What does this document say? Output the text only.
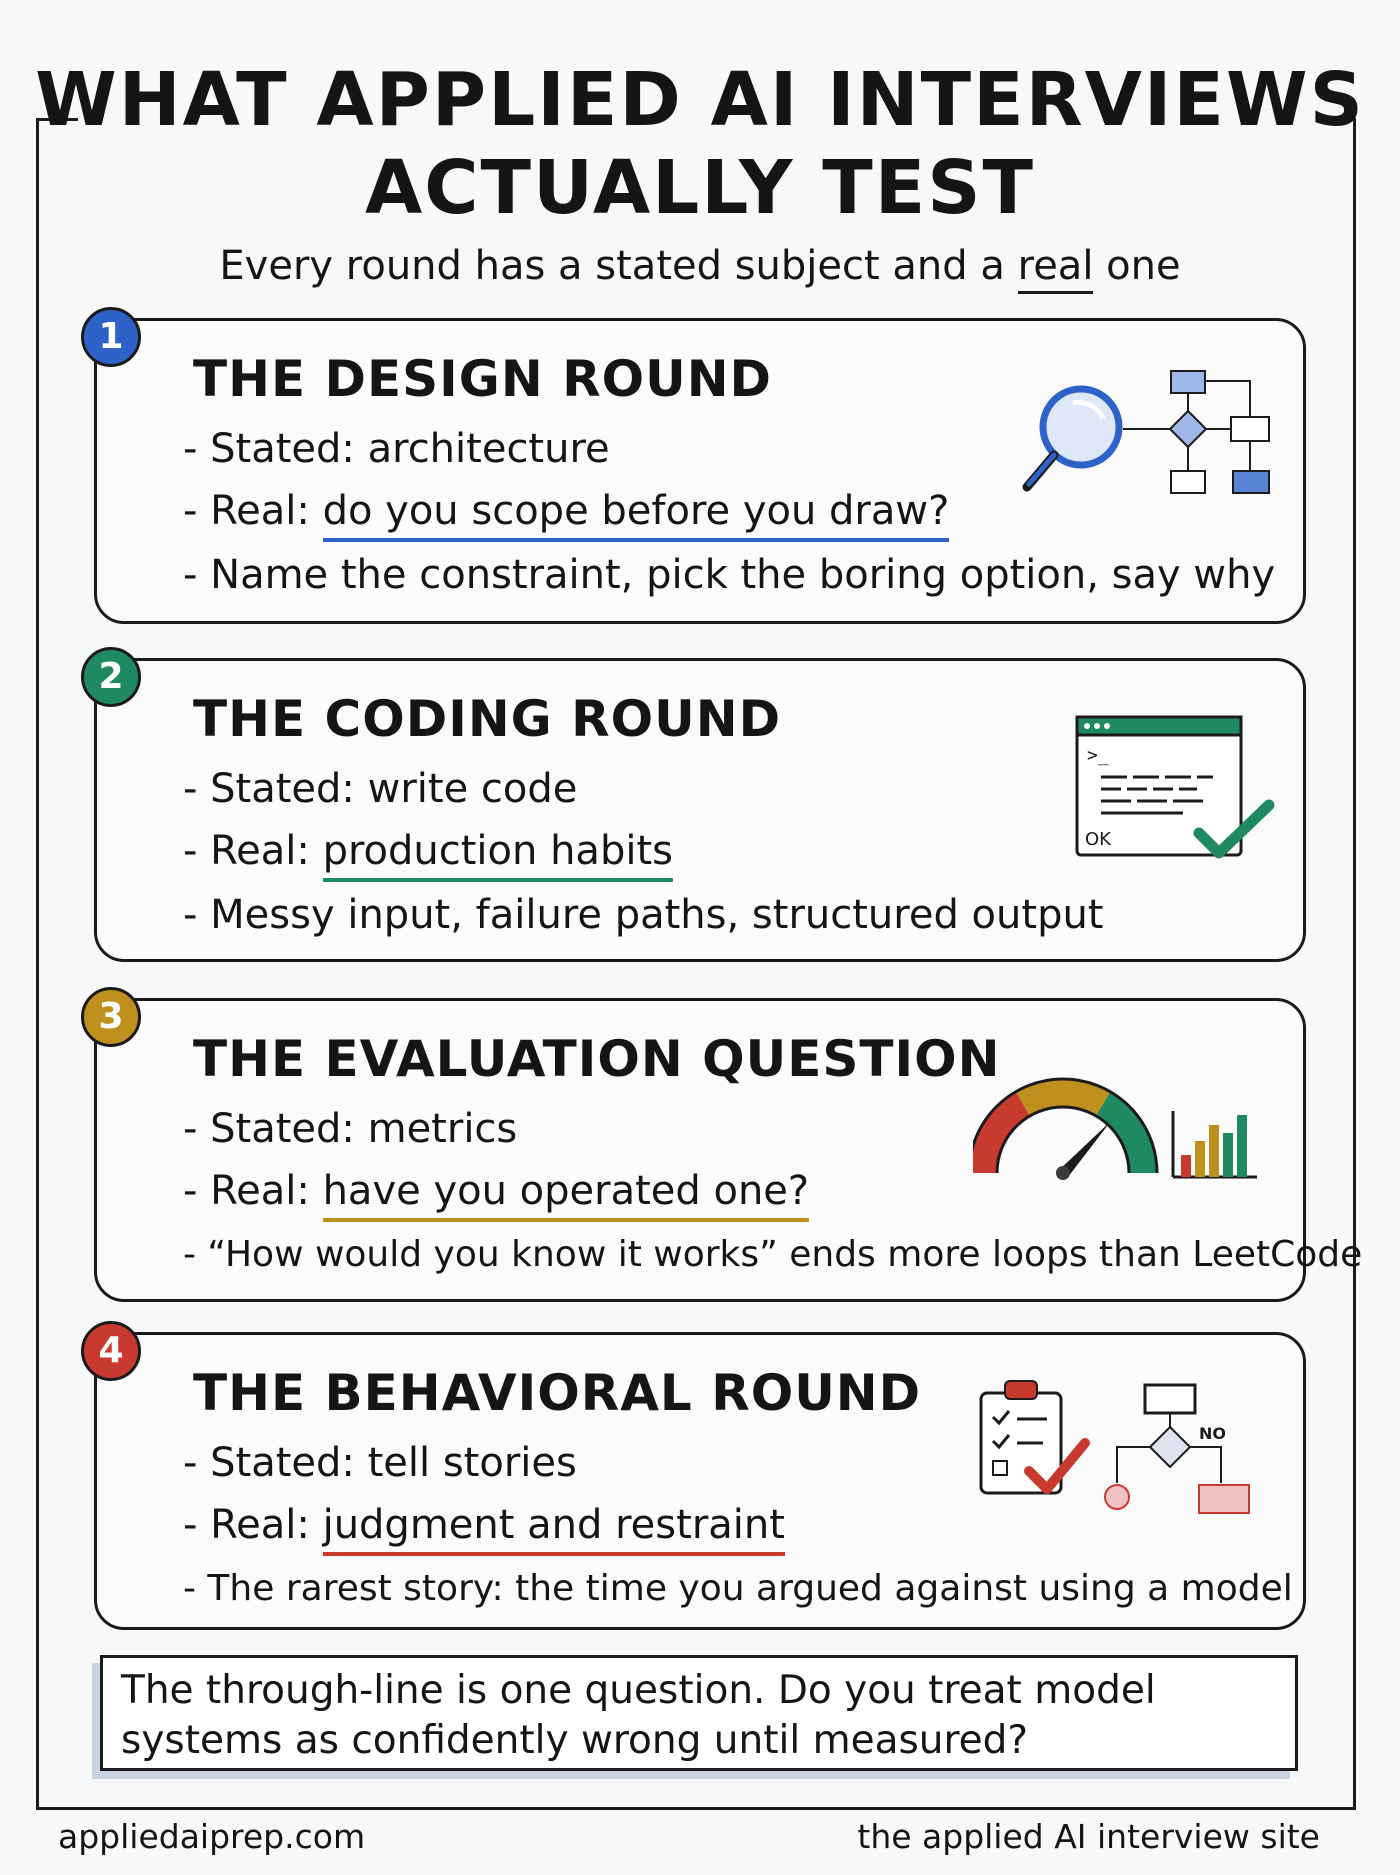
WHAT APPLIED AI INTERVIEWS
ACTUALLY TEST

Every round has a stated subject and a real one

1
THE DESIGN ROUND

- Stated: architecture

- Real: do you scope before you draw?

- Name the constraint, pick the boring option, say why

2
THE CODING ROUND

- Stated: write code

- Real: production habits

- Messy input, failure paths, structured output

>_
OK
3
THE EVALUATION QUESTION

- Stated: metrics

- Real: have you operated one?

- “How would you know it works” ends more loops than LeetCode

4
THE BEHAVIORAL ROUND

- Stated: tell stories

- Real: judgment and restraint

- The rarest story: the time you argued against using a model

NO

The through-line is one question. Do you treat model systems as confidently wrong until measured?

appliedaiprep.com	the applied AI interview site
